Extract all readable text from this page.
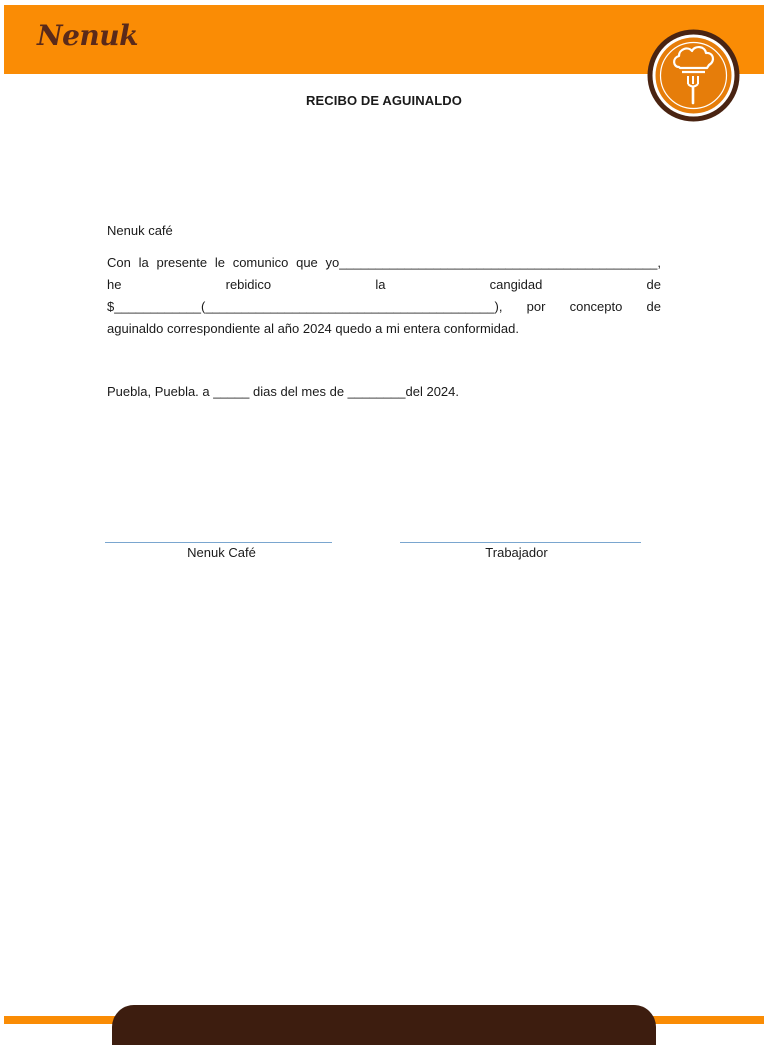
Nenuk
RECIBO DE AGUINALDO
Nenuk café
Con la presente le comunico que yo____________________________________________,
he rebidico la cangidad de
$____________(________________________________________), por concepto de
aguinaldo correspondiente al año 2024 quedo a mi entera conformidad.
Puebla, Puebla. a _____ dias del mes de ________del 2024.
Nenuk Café	Trabajador
